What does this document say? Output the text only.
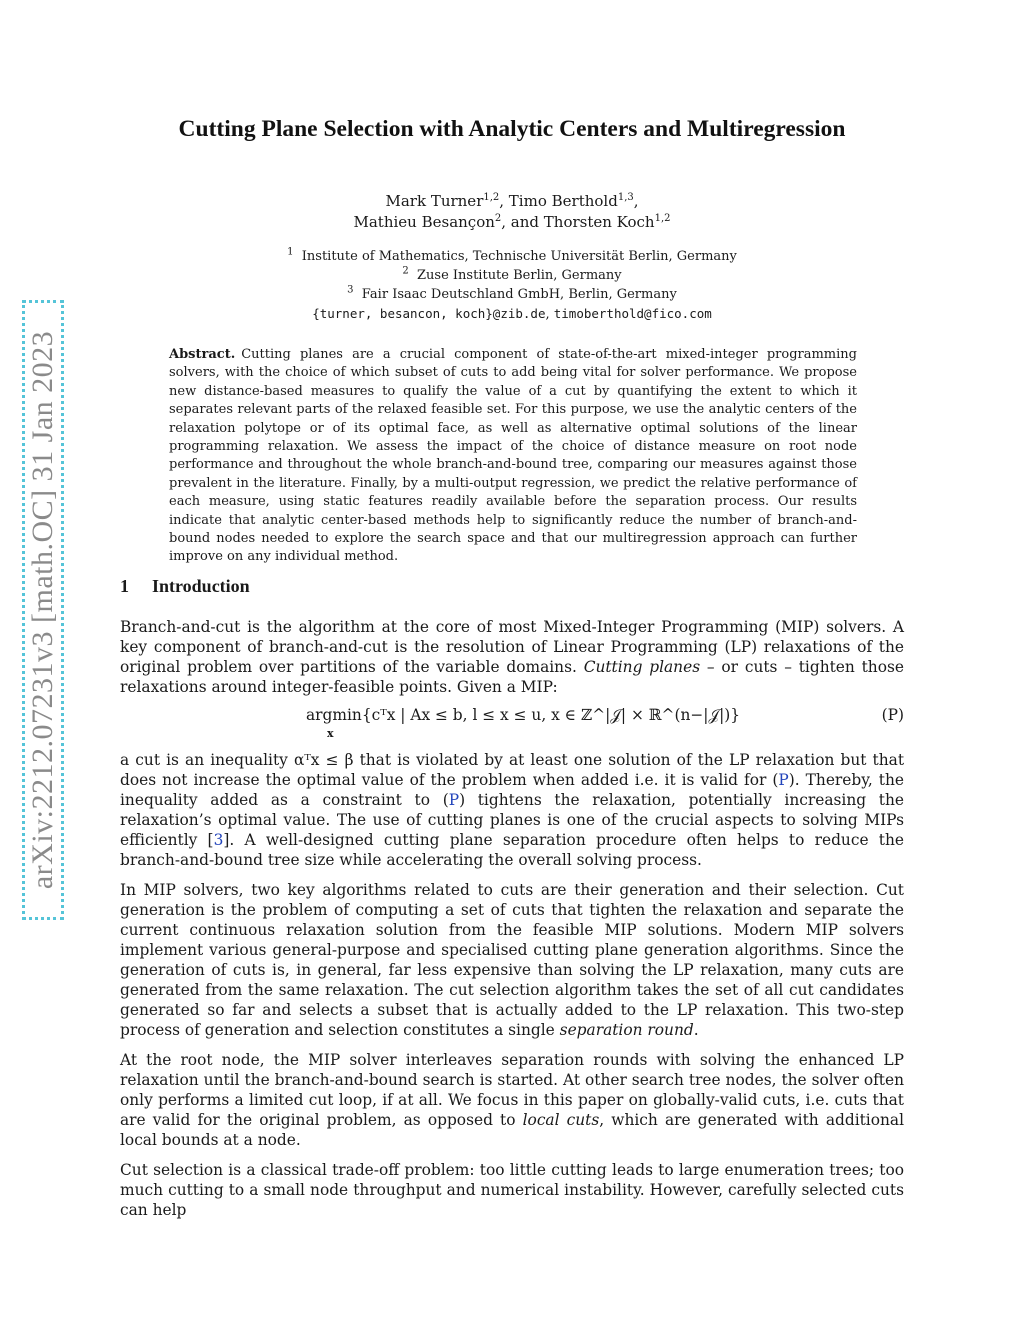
arXiv:2212.07231v3 [math.OC] 31 Jan 2023
Cutting Plane Selection with Analytic Centers and Multiregression
Mark Turner$^{1,2}$, Timo Berthold$^{1,3}$,
Mathieu Besançon$^2$, and Thorsten Koch$^{1,2}$
$^1$ Institute of Mathematics, Technische Universität Berlin, Germany
$^2$ Zuse Institute Berlin, Germany
$^3$ Fair Isaac Deutschland GmbH, Berlin, Germany
{turner, besancon, koch}@zib.de, timoberthold@fico.com
Abstract. Cutting planes are a crucial component of state-of-the-art mixed-integer programming solvers, with the choice of which subset of cuts to add being vital for solver performance. We propose new distance-based measures to qualify the value of a cut by quantifying the extent to which it separates relevant parts of the relaxed feasible set. For this purpose, we use the analytic centers of the relaxation polytope or of its optimal face, as well as alternative optimal solutions of the linear programming relaxation. We assess the impact of the choice of distance measure on root node performance and throughout the whole branch-and-bound tree, comparing our measures against those prevalent in the literature. Finally, by a multi-output regression, we predict the relative performance of each measure, using static features readily available before the separation process. Our results indicate that analytic center-based methods help to significantly reduce the number of branch-and-bound nodes needed to explore the search space and that our multiregression approach can further improve on any individual method.
1 Introduction

Branch-and-cut is the algorithm at the core of most Mixed-Integer Programming (MIP) solvers. A key component of branch-and-cut is the resolution of Linear Programming (LP) relaxations of the original problem over partitions of the variable domains. Cutting planes – or cuts – tighten those relaxations around integer-feasible points. Given a MIP:

argmin{cᵀx | Ax ≤ b, l ≤ x ≤ u, x ∈ ℤ^|𝒥| × ℝ^(n−|𝒥|)}
x
(P)

a cut is an inequality αᵀx ≤ β that is violated by at least one solution of the LP relaxation but that does not increase the optimal value of the problem when added i.e. it is valid for (P). Thereby, the inequality added as a constraint to (P) tightens the relaxation, potentially increasing the relaxation’s optimal value. The use of cutting planes is one of the crucial aspects to solving MIPs efficiently [3]. A well-designed cutting plane separation procedure often helps to reduce the branch-and-bound tree size while accelerating the overall solving process.

In MIP solvers, two key algorithms related to cuts are their generation and their selection. Cut generation is the problem of computing a set of cuts that tighten the relaxation and separate the current continuous relaxation solution from the feasible MIP solutions. Modern MIP solvers implement various general-purpose and specialised cutting plane generation algorithms. Since the generation of cuts is, in general, far less expensive than solving the LP relaxation, many cuts are generated from the same relaxation. The cut selection algorithm takes the set of all cut candidates generated so far and selects a subset that is actually added to the LP relaxation. This two-step process of generation and selection constitutes a single separation round.

At the root node, the MIP solver interleaves separation rounds with solving the enhanced LP relaxation until the branch-and-bound search is started. At other search tree nodes, the solver often only performs a limited cut loop, if at all. We focus in this paper on globally-valid cuts, i.e. cuts that are valid for the original problem, as opposed to local cuts, which are generated with additional local bounds at a node.

Cut selection is a classical trade-off problem: too little cutting leads to large enumeration trees; too much cutting to a small node throughput and numerical instability. However, carefully selected cuts can help
